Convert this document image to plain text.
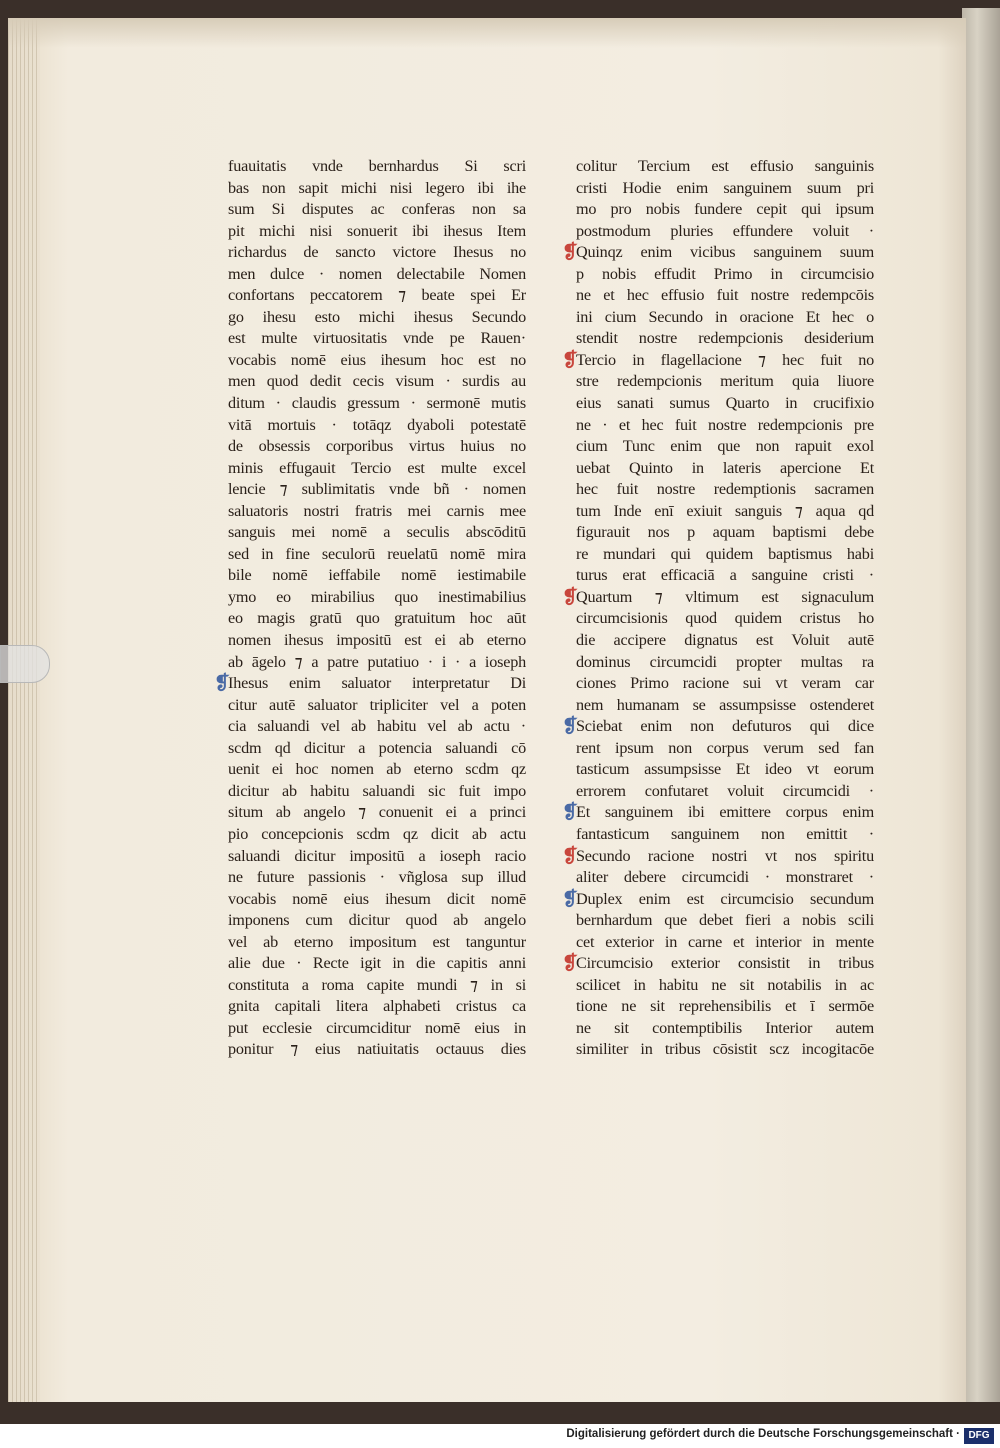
fuauitatis vnde bernhardus Si scri
bas non sapit michi nisi legero ibi ihe
sum Si disputes ac conferas non sa
pit michi nisi sonuerit ibi ihesus Item
richardus de sancto victore Ihesus no
men dulce · nomen delectabile Nomen
confortans peccatorem ⁊ beate spei Er
go ihesu esto michi ihesus Secundo
est multe virtuositatis vnde pe Rauen·
vocabis nomē eius ihesum hoc est no
men quod dedit cecis visum · surdis au
ditum · claudis gressum · sermonē mutis
vitā mortuis · totāqz dyaboli potestatē
de obsessis corporibus virtus huius no
minis effugauit Tercio est multe excel
lencie ⁊ sublimitatis vnde bñ · nomen
saluatoris nostri fratris mei carnis mee
sanguis mei nomē a seculis abscōditū
sed in fine seculorū reuelatū nomē mira
bile nomē ieffabile nomē iestimabile
ymo eo mirabilius quo inestimabilius
eo magis gratū quo gratuitum hoc aūt
nomen ihesus impositū est ei ab eterno
ab āgelo ⁊ a patre putatiuo · i · a ioseph
❡
Ihesus enim saluator interpretatur Di
citur autē saluator tripliciter vel a poten
cia saluandi vel ab habitu vel ab actu ·
scdm qd dicitur a potencia saluandi cō
uenit ei hoc nomen ab eterno scdm qz
dicitur ab habitu saluandi sic fuit impo
situm ab angelo ⁊ conuenit ei a princi
pio concepcionis scdm qz dicit ab actu
saluandi dicitur impositū a ioseph racio
ne future passionis · vñglosa sup illud
vocabis nomē eius ihesum dicit nomē
imponens cum dicitur quod ab angelo
vel ab eterno impositum est tanguntur
alie due · Recte igit in die capitis anni
constituta a roma capite mundi ⁊ in si
gnita capitali litera alphabeti cristus ca
put ecclesie circumciditur nomē eius in
ponitur ⁊ eius natiuitatis octauus dies
colitur Tercium est effusio sanguinis
cristi Hodie enim sanguinem suum pri
mo pro nobis fundere cepit qui ipsum
postmodum pluries effundere voluit ·
❡
Quinqz enim vicibus sanguinem suum
p nobis effudit Primo in circumcisio
ne et hec effusio fuit nostre redempcōis
ini cium Secundo in oracione Et hec o
stendit nostre redempcionis desiderium
❡
Tercio in flagellacione ⁊ hec fuit no
stre redempcionis meritum quia liuore
eius sanati sumus Quarto in crucifixio
ne · et hec fuit nostre redempcionis pre
cium Tunc enim que non rapuit exol
uebat Quinto in lateris apercione Et
hec fuit nostre redemptionis sacramen
tum Inde enī exiuit sanguis ⁊ aqua qd
figurauit nos p aquam baptismi debe
re mundari qui quidem baptismus habi
turus erat efficaciā a sanguine cristi ·
❡
Quartum ⁊ vltimum est signaculum
circumcisionis quod quidem cristus ho
die accipere dignatus est Voluit autē
dominus circumcidi propter multas ra
ciones Primo racione sui vt veram car
nem humanam se assumpsisse ostenderet
❡
Sciebat enim non defuturos qui dice
rent ipsum non corpus verum sed fan
tasticum assumpsisse Et ideo vt eorum
errorem confutaret voluit circumcidi ·
❡
Et sanguinem ibi emittere corpus enim
fantasticum sanguinem non emittit ·
❡
Secundo racione nostri vt nos spiritu
aliter debere circumcidi · monstraret ·
❡
Duplex enim est circumcisio secundum
bernhardum que debet fieri a nobis scili
cet exterior in carne et interior in mente
❡
Circumcisio exterior consistit in tribus
scilicet in habitu ne sit notabilis in ac
tione ne sit reprehensibilis et ī sermōe
ne sit contemptibilis Interior autem
similiter in tribus cōsistit scz incogitacōe
Digitalisierung gefördert durch die Deutsche Forschungsgemeinschaft · DFG
